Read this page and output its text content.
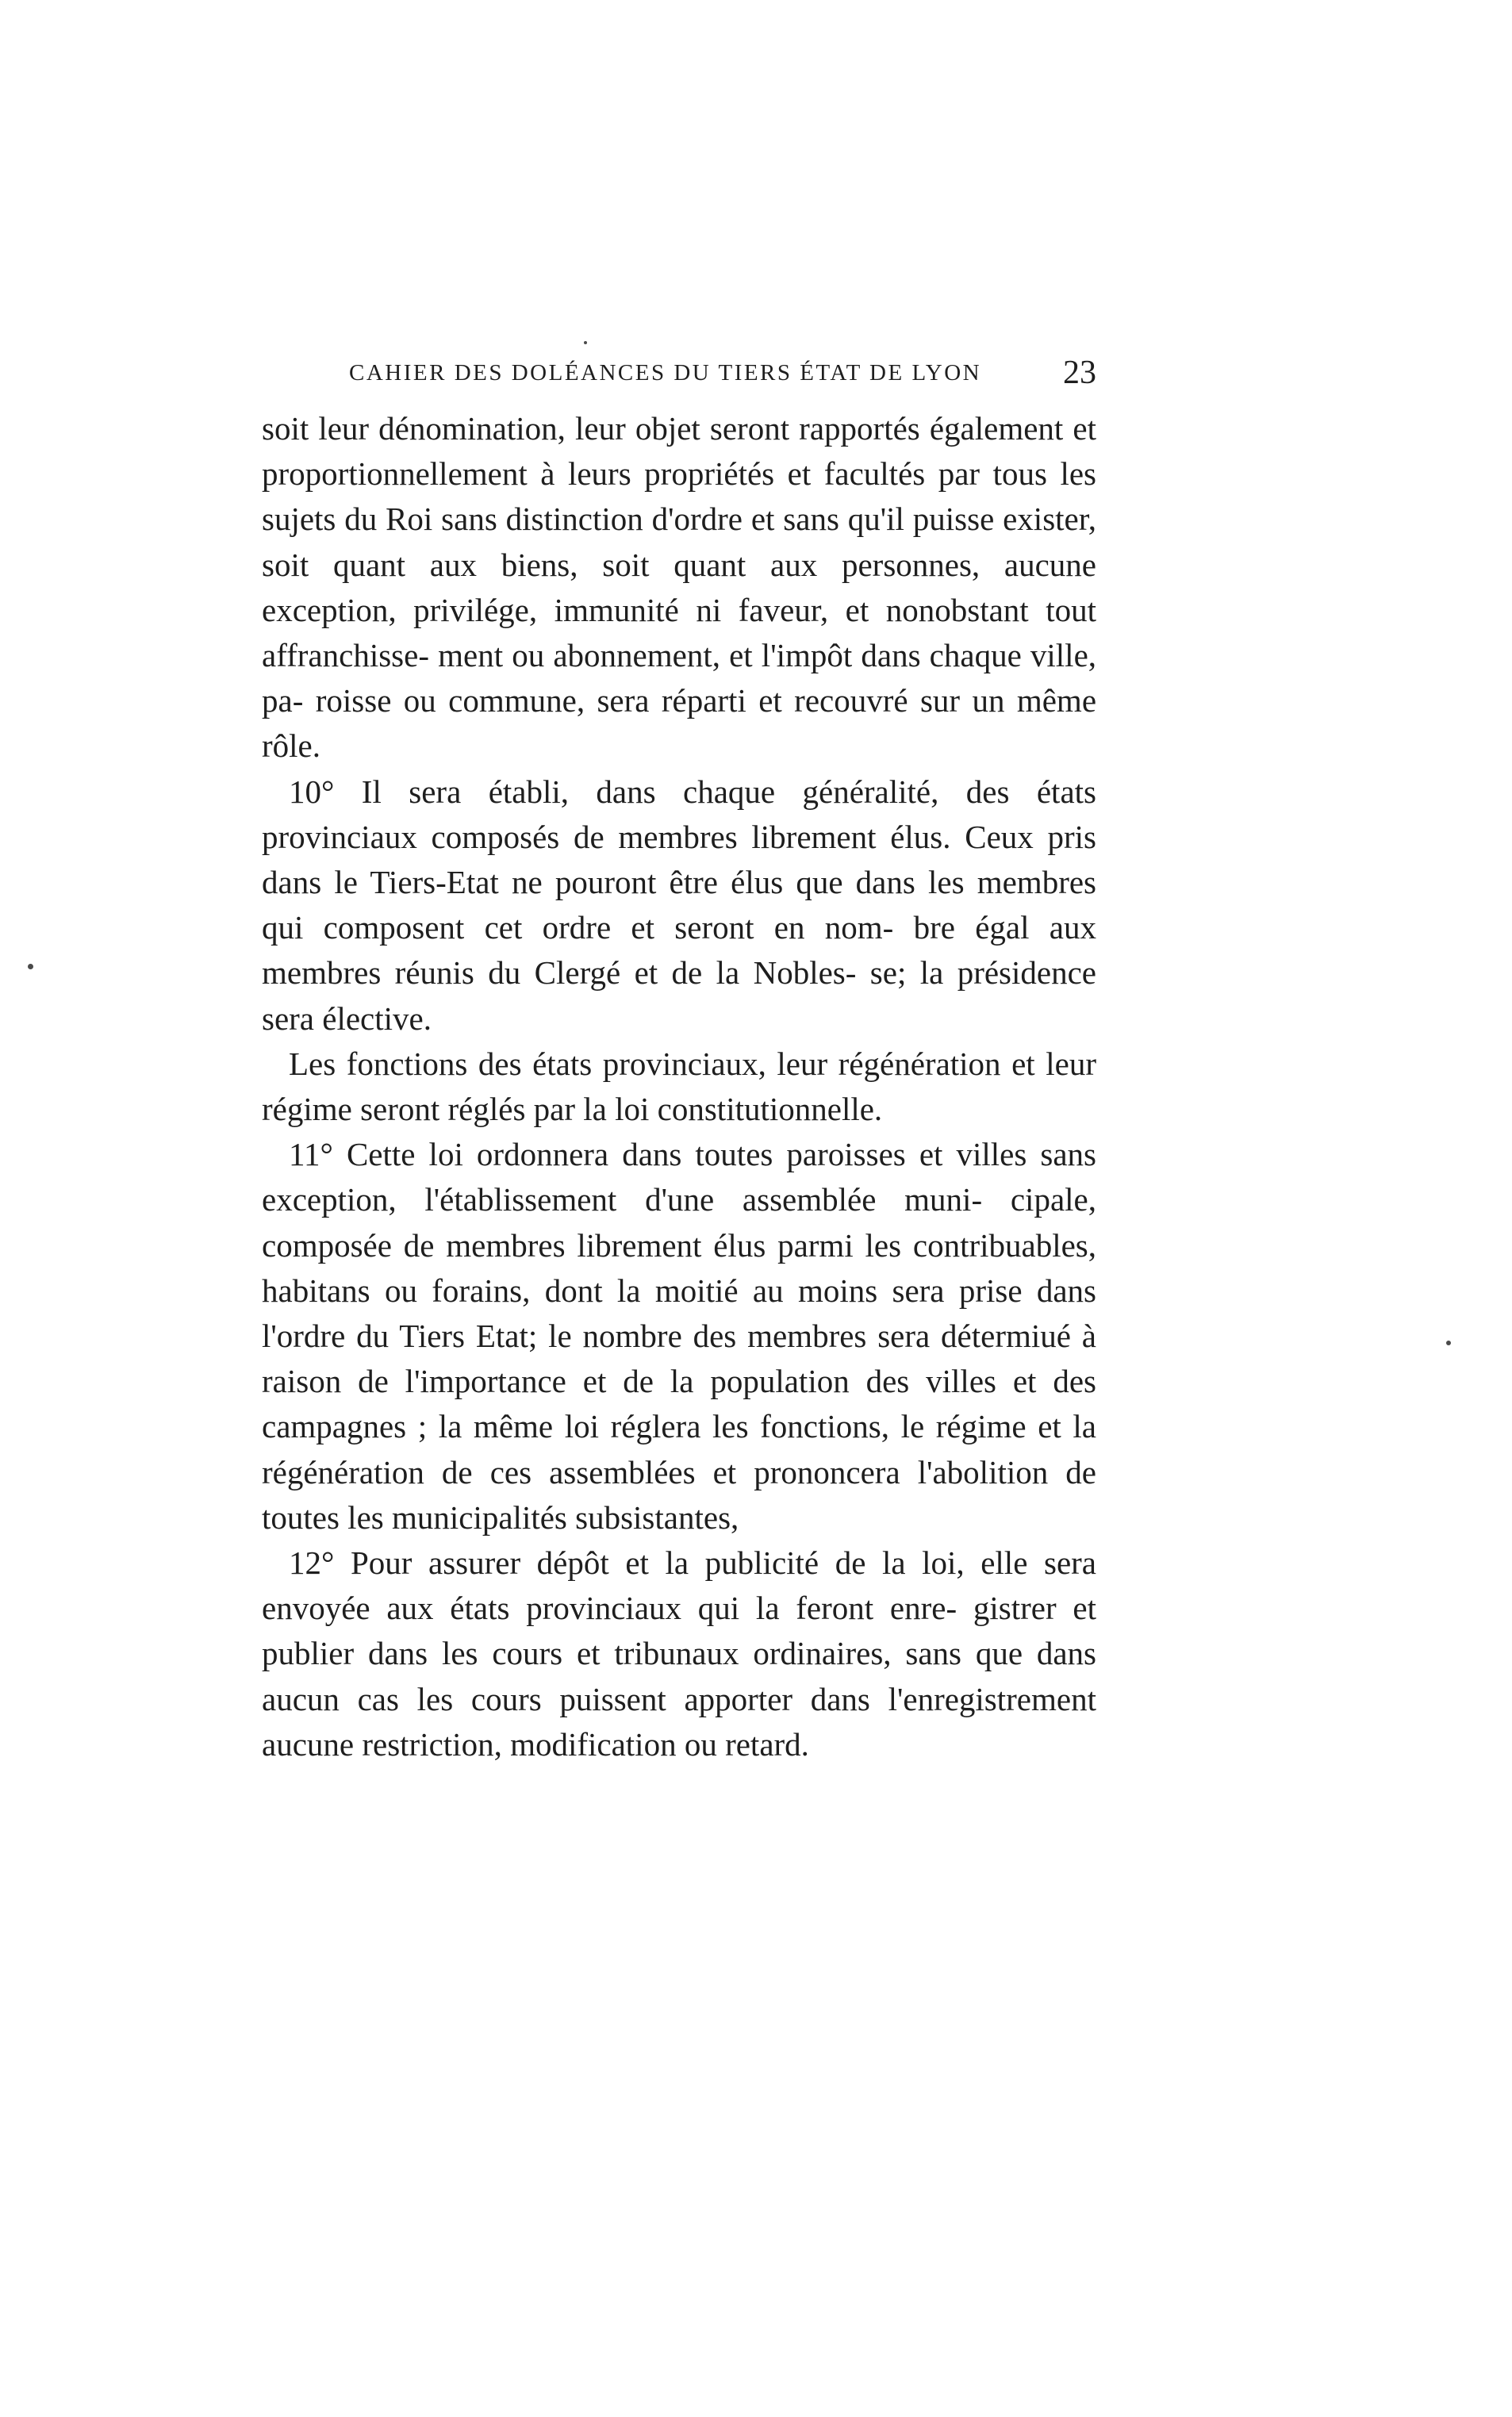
CAHIER DES DOLÉANCES DU TIERS ÉTAT DE LYON 23

soit leur dénomination, leur objet seront rapportés également et proportionnellement à leurs propriétés et facultés par tous les sujets du Roi sans distinction d'ordre et sans qu'il puisse exister, soit quant aux biens, soit quant aux personnes, aucune exception, privilége, immunité ni faveur, et nonobstant tout affranchisse- ment ou abonnement, et l'impôt dans chaque ville, pa- roisse ou commune, sera réparti et recouvré sur un même rôle.

10° Il sera établi, dans chaque généralité, des états provinciaux composés de membres librement élus. Ceux pris dans le Tiers-Etat ne pouront être élus que dans les membres qui composent cet ordre et seront en nom- bre égal aux membres réunis du Clergé et de la Nobles- se; la présidence sera élective.

Les fonctions des états provinciaux, leur régénération et leur régime seront réglés par la loi constitutionnelle.

11° Cette loi ordonnera dans toutes paroisses et villes sans exception, l'établissement d'une assemblée muni- cipale, composée de membres librement élus parmi les contribuables, habitans ou forains, dont la moitié au moins sera prise dans l'ordre du Tiers Etat; le nombre des membres sera détermiué à raison de l'importance et de la population des villes et des campagnes ; la même loi réglera les fonctions, le régime et la régénération de ces assemblées et prononcera l'abolition de toutes les municipalités subsistantes,

12° Pour assurer dépôt et la publicité de la loi, elle sera envoyée aux états provinciaux qui la feront enre- gistrer et publier dans les cours et tribunaux ordinaires, sans que dans aucun cas les cours puissent apporter dans l'enregistrement aucune restriction, modification ou retard.
